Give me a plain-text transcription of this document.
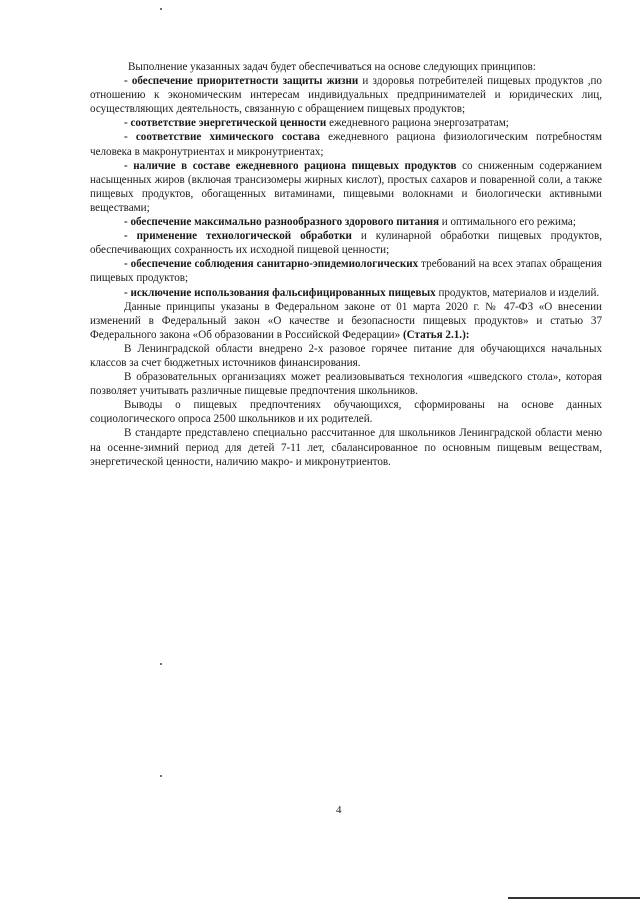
Выполнение указанных задач будет обеспечиваться на основе следующих принципов:

- обеспечение приоритетности защиты жизни и здоровья потребителей пищевых продуктов ,по отношению к экономическим интересам индивидуальных предпринимателей и юридических лиц, осуществляющих деятельность, связанную с обращением пищевых продуктов;

- соответствие энергетической ценности ежедневного рациона энергозатратам;

- соответствие химического состава ежедневного рациона физиологическим потребностям человека в макронутриентах и микронутриентах;

- наличие в составе ежедневного рациона пищевых продуктов со сниженным содержанием насыщенных жиров (включая трансизомеры жирных кислот), простых сахаров и поваренной соли, а также пищевых продуктов, обогащенных витаминами, пищевыми волокнами и биологически активными веществами;

- обеспечение максимально разнообразного здорового питания и оптимального его режима;

- применение технологической обработки и кулинарной обработки пищевых продуктов, обеспечивающих сохранность их исходной пищевой ценности;

- обеспечение соблюдения санитарно-эпидемиологических требований на всех этапах обращения пищевых продуктов;

- исключение использования фальсифицированных пищевых продуктов, материалов и изделий.

Данные принципы указаны в Федеральном законе от 01 марта 2020 г. № 47-ФЗ «О внесении изменений в Федеральный закон «О качестве и безопасности пищевых продуктов» и статью 37 Федерального закона «Об образовании в Российской Федерации» (Статья 2.1.):

В Ленинградской области внедрено 2-х разовое горячее питание для обучающихся начальных классов за счет бюджетных источников финансирования.

В образовательных организациях может реализовываться технология «шведского стола», которая позволяет учитывать различные пищевые предпочтения школьников.

Выводы о пищевых предпочтениях обучающихся, сформированы на основе данных социологического опроса 2500 школьников и их родителей.

В стандарте представлено специально рассчитанное для школьников Ленинградской области меню на осенне-зимний период для детей 7-11 лет, сбалансированное по основным пищевым веществам, энергетической ценности, наличию макро- и микронутриентов.

4
